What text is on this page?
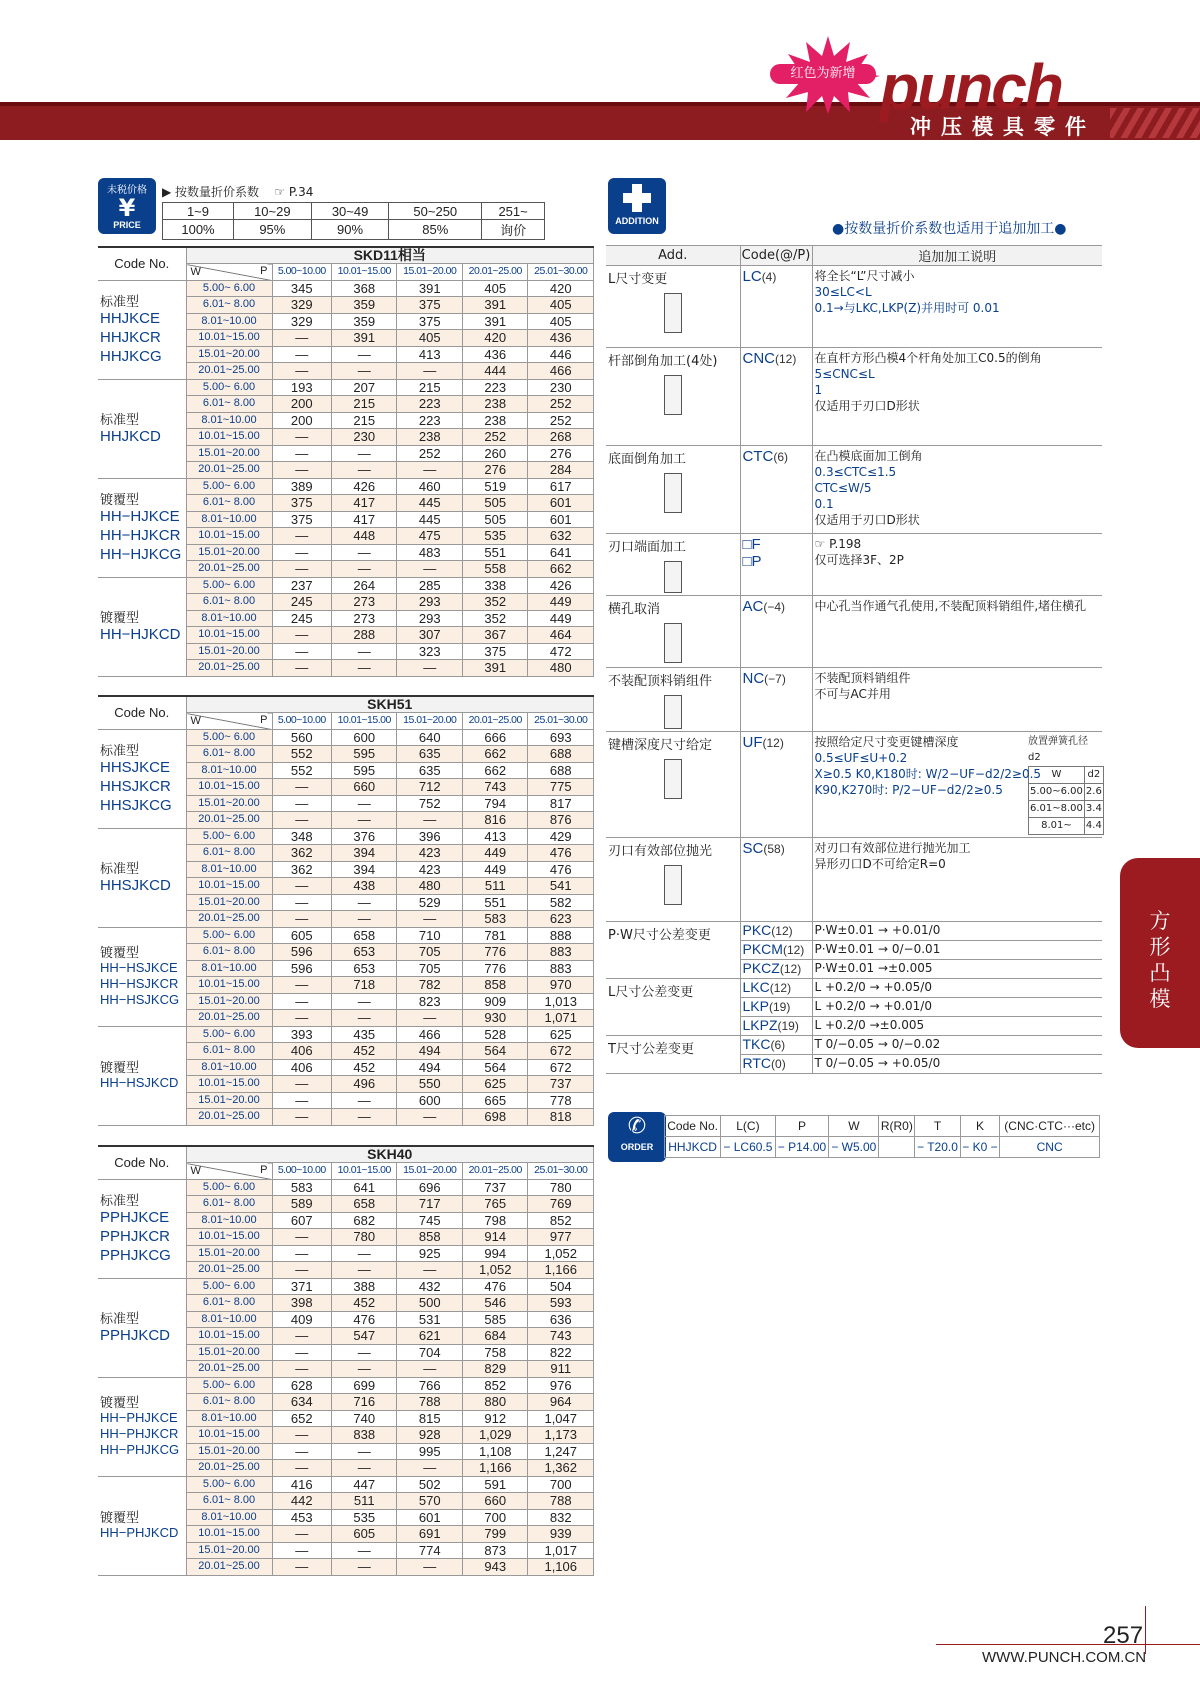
红色为新增 punch
冲压模具零件
方形凸模
未税价格
¥
PRICE
▶ 按数量折价系数 ☞ P.34
1~9	10~29	30~49	50~250	251~
100%	95%	90%	85%	询价
Code No.	SKD11相当					

	W P	5.00~10.00	10.01~15.00	15.01~20.00	20.01~25.00	25.01~30.00

标准型
HHJKCE
HHJKCR
HHJKCG	5.00~ 6.00	345	368	391	405	420
	6.01~ 8.00	329	359	375	391	405
	8.01~10.00	329	359	375	391	405
	10.01~15.00	—	391	405	420	436
	15.01~20.00	—	—	413	436	446
	20.01~25.00	—	—	—	444	466

标准型
HHJKCD	5.00~ 6.00	193	207	215	223	230
	6.01~ 8.00	200	215	223	238	252
	8.01~10.00	200	215	223	238	252
	10.01~15.00	—	230	238	252	268
	15.01~20.00	—	—	252	260	276
	20.01~25.00	—	—	—	276	284

镀覆型
HH−HJKCE
HH−HJKCR
HH−HJKCG	5.00~ 6.00	389	426	460	519	617
	6.01~ 8.00	375	417	445	505	601
	8.01~10.00	375	417	445	505	601
	10.01~15.00	—	448	475	535	632
	15.01~20.00	—	—	483	551	641
	20.01~25.00	—	—	—	558	662

镀覆型
HH−HJKCD	5.00~ 6.00	237	264	285	338	426
	6.01~ 8.00	245	273	293	352	449
	8.01~10.00	245	273	293	352	449
	10.01~15.00	—	288	307	367	464
	15.01~20.00	—	—	323	375	472
	20.01~25.00	—	—	—	391	480
Code No.	SKH51					

	W P	5.00~10.00	10.01~15.00	15.01~20.00	20.01~25.00	25.01~30.00

标准型
HHSJKCE
HHSJKCR
HHSJKCG	5.00~ 6.00	560	600	640	666	693
	6.01~ 8.00	552	595	635	662	688
	8.01~10.00	552	595	635	662	688
	10.01~15.00	—	660	712	743	775
	15.01~20.00	—	—	752	794	817
	20.01~25.00	—	—	—	816	876

标准型
HHSJKCD	5.00~ 6.00	348	376	396	413	429
	6.01~ 8.00	362	394	423	449	476
	8.01~10.00	362	394	423	449	476
	10.01~15.00	—	438	480	511	541
	15.01~20.00	—	—	529	551	582
	20.01~25.00	—	—	—	583	623

镀覆型
HH−HSJKCE
HH−HSJKCR
HH−HSJKCG	5.00~ 6.00	605	658	710	781	888
	6.01~ 8.00	596	653	705	776	883
	8.01~10.00	596	653	705	776	883
	10.01~15.00	—	718	782	858	970
	15.01~20.00	—	—	823	909	1,013
	20.01~25.00	—	—	—	930	1,071

镀覆型
HH−HSJKCD	5.00~ 6.00	393	435	466	528	625
	6.01~ 8.00	406	452	494	564	672
	8.01~10.00	406	452	494	564	672
	10.01~15.00	—	496	550	625	737
	15.01~20.00	—	—	600	665	778
	20.01~25.00	—	—	—	698	818
Code No.	SKH40					

	W P	5.00~10.00	10.01~15.00	15.01~20.00	20.01~25.00	25.01~30.00

标准型
PPHJKCE
PPHJKCR
PPHJKCG	5.00~ 6.00	583	641	696	737	780
	6.01~ 8.00	589	658	717	765	769
	8.01~10.00	607	682	745	798	852
	10.01~15.00	—	780	858	914	977
	15.01~20.00	—	—	925	994	1,052
	20.01~25.00	—	—	—	1,052	1,166

标准型
PPHJKCD	5.00~ 6.00	371	388	432	476	504
	6.01~ 8.00	398	452	500	546	593
	8.01~10.00	409	476	531	585	636
	10.01~15.00	—	547	621	684	743
	15.01~20.00	—	—	704	758	822
	20.01~25.00	—	—	—	829	911

镀覆型
HH−PHJKCE
HH−PHJKCR
HH−PHJKCG	5.00~ 6.00	628	699	766	852	976
	6.01~ 8.00	634	716	788	880	964
	8.01~10.00	652	740	815	912	1,047
	10.01~15.00	—	838	928	1,029	1,173
	15.01~20.00	—	—	995	1,108	1,247
	20.01~25.00	—	—	—	1,166	1,362

镀覆型
HH−PHJKCD	5.00~ 6.00	416	447	502	591	700
	6.01~ 8.00	442	511	570	660	788
	8.01~10.00	453	535	601	700	832
	10.01~15.00	—	605	691	799	939
	15.01~20.00	—	—	774	873	1,017
	20.01~25.00	—	—	—	943	1,106
ADDITION	●按数量折价系数也适用于追加加工●
Add.	Code(@/P)	追加加工说明

L尺寸变更	LC(4)	将全长“L”尺寸减小
30≤LC<L
0.1→与LKC,LKP(Z)并用时可 0.01

杆部倒角加工(4处)	CNC(12)	在直杆方形凸模4个杆角处加工C0.5的倒角
5≤CNC≤L
1
仅适用于刃口D形状

底面倒角加工	CTC(6)	在凸模底面加工倒角
0.3≤CTC≤1.5
CTC≤W/5
0.1
仅适用于刃口D形状

刃口端面加工	□F
□P	
☞ P.198
仅可选择3F、2P

横孔取消	AC(−4)	中心孔当作通气孔使用,不装配顶料销组件,堵住横孔

不装配顶料销组件	NC(−7)	不装配顶料销组件
不可与AC并用

键槽深度尺寸给定	UF(12)	按照给定尺寸变更键槽深度
0.5≤UF≤U+0.2
X≥0.5 K0,K180时: W/2−UF−d2/2≥0.5
K90,K270时: P/2−UF−d2/2≥0.5
放置弹簧孔径d2
W	d2
5.00~6.00	2.6
6.01~8.00	3.4
8.01~	4.4

刃口有效部位抛光	SC(58)	对刃口有效部位进行抛光加工
异形刃口D不可给定R=0

P·W尺寸公差变更	PKC(12)	P·W±0.01 → +0.01/0
PKCM(12)	P·W±0.01 → 0/−0.01
PKCZ(12)	P·W±0.01 →±0.005

L尺寸公差变更	LKC(12)	L +0.2/0 → +0.05/0
LKP(19)	L +0.2/0 → +0.01/0
LKPZ(19)	L +0.2/0 →±0.005

T尺寸公差变更	TKC(6)	T 0/−0.05 → 0/−0.02
RTC(0)	T 0/−0.05 → +0.05/0
✆
ORDER
Code No.	L(C)	P	W	R(R0)	T	K	(CNC·CTC···etc)
HHJKCD	− LC60.5	− P14.00	− W5.00		− T20.0	− K0 −	CNC
257
WWW.PUNCH.COM.CN
